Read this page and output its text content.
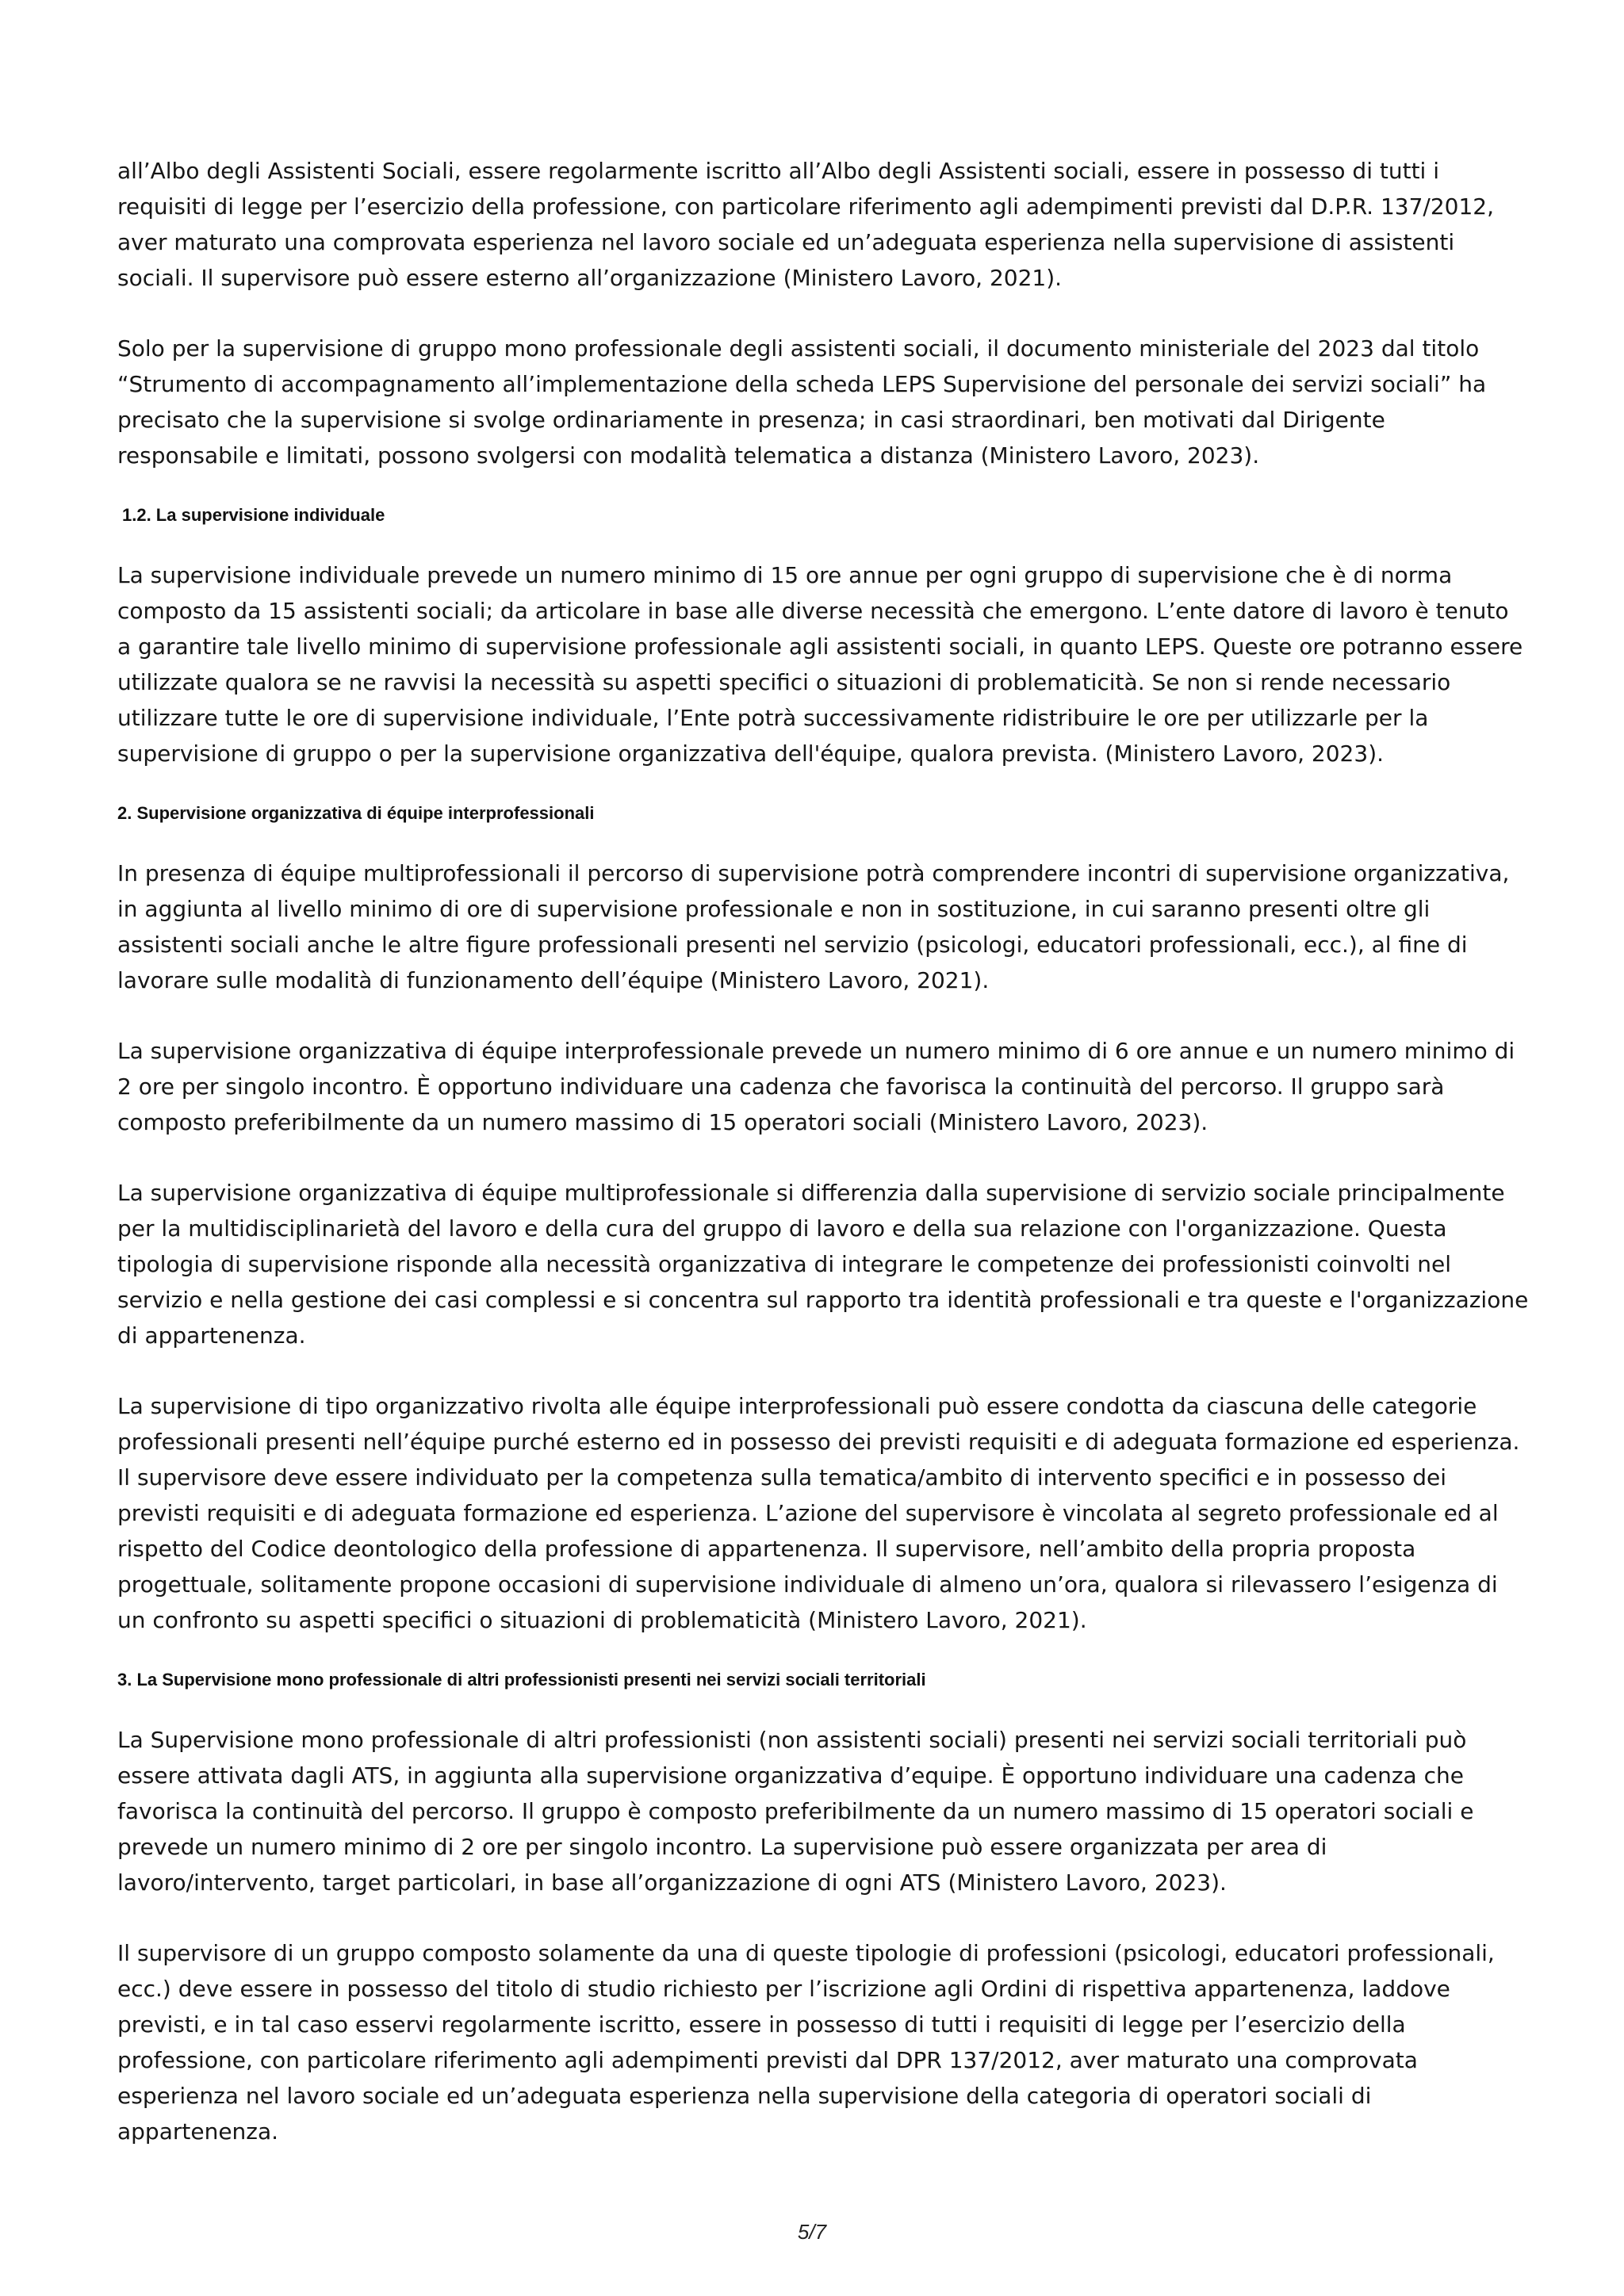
all’Albo degli Assistenti Sociali, essere regolarmente iscritto all’Albo degli Assistenti sociali, essere in possesso di tutti i requisiti di legge per l’esercizio della professione, con particolare riferimento agli adempimenti previsti dal D.P.R. 137/2012, aver maturato una comprovata esperienza nel lavoro sociale ed un’adeguata esperienza nella supervisione di assistenti sociali. Il supervisore può essere esterno all’organizzazione (Ministero Lavoro, 2021).

Solo per la supervisione di gruppo mono professionale degli assistenti sociali, il documento ministeriale del 2023 dal titolo “Strumento di accompagnamento all’implementazione della scheda LEPS Supervisione del personale dei servizi sociali” ha precisato che la supervisione si svolge ordinariamente in presenza; in casi straordinari, ben motivati dal Dirigente responsabile e limitati, possono svolgersi con modalità telematica a distanza (Ministero Lavoro, 2023).

1.2. La supervisione individuale

La supervisione individuale prevede un numero minimo di 15 ore annue per ogni gruppo di supervisione che è di norma composto da 15 assistenti sociali; da articolare in base alle diverse necessità che emergono. L’ente datore di lavoro è tenuto a garantire tale livello minimo di supervisione professionale agli assistenti sociali, in quanto LEPS. Queste ore potranno essere utilizzate qualora se ne ravvisi la necessità su aspetti specifici o situazioni di problematicità. Se non si rende necessario utilizzare tutte le ore di supervisione individuale, l’Ente potrà successivamente ridistribuire le ore per utilizzarle per la supervisione di gruppo o per la supervisione organizzativa dell'équipe, qualora prevista. (Ministero Lavoro, 2023).

2. Supervisione organizzativa di équipe interprofessionali

In presenza di équipe multiprofessionali il percorso di supervisione potrà comprendere incontri di supervisione organizzativa, in aggiunta al livello minimo di ore di supervisione professionale e non in sostituzione, in cui saranno presenti oltre gli assistenti sociali anche le altre figure professionali presenti nel servizio (psicologi, educatori professionali, ecc.), al fine di lavorare sulle modalità di funzionamento dell’équipe (Ministero Lavoro, 2021).

La supervisione organizzativa di équipe interprofessionale prevede un numero minimo di 6 ore annue e un numero minimo di 2 ore per singolo incontro. È opportuno individuare una cadenza che favorisca la continuità del percorso. Il gruppo sarà composto preferibilmente da un numero massimo di 15 operatori sociali (Ministero Lavoro, 2023).

La supervisione organizzativa di équipe multiprofessionale si differenzia dalla supervisione di servizio sociale principalmente per la multidisciplinarietà del lavoro e della cura del gruppo di lavoro e della sua relazione con l'organizzazione. Questa tipologia di supervisione risponde alla necessità organizzativa di integrare le competenze dei professionisti coinvolti nel servizio e nella gestione dei casi complessi e si concentra sul rapporto tra identità professionali e tra queste e l'organizzazione di appartenenza.

La supervisione di tipo organizzativo rivolta alle équipe interprofessionali può essere condotta da ciascuna delle categorie professionali presenti nell’équipe purché esterno ed in possesso dei previsti requisiti e di adeguata formazione ed esperienza. Il supervisore deve essere individuato per la competenza sulla tematica/ambito di intervento specifici e in possesso dei previsti requisiti e di adeguata formazione ed esperienza. L’azione del supervisore è vincolata al segreto professionale ed al rispetto del Codice deontologico della professione di appartenenza. Il supervisore, nell’ambito della propria proposta progettuale, solitamente propone occasioni di supervisione individuale di almeno un’ora, qualora si rilevassero l’esigenza di un confronto su aspetti specifici o situazioni di problematicità (Ministero Lavoro, 2021).

3. La Supervisione mono professionale di altri professionisti presenti nei servizi sociali territoriali

La Supervisione mono professionale di altri professionisti (non assistenti sociali) presenti nei servizi sociali territoriali può essere attivata dagli ATS, in aggiunta alla supervisione organizzativa d’equipe. È opportuno individuare una cadenza che favorisca la continuità del percorso. Il gruppo è composto preferibilmente da un numero massimo di 15 operatori sociali e prevede un numero minimo di 2 ore per singolo incontro. La supervisione può essere organizzata per area di lavoro/intervento, target particolari, in base all’organizzazione di ogni ATS (Ministero Lavoro, 2023).

Il supervisore di un gruppo composto solamente da una di queste tipologie di professioni (psicologi, educatori professionali, ecc.) deve essere in possesso del titolo di studio richiesto per l’iscrizione agli Ordini di rispettiva appartenenza, laddove previsti, e in tal caso esservi regolarmente iscritto, essere in possesso di tutti i requisiti di legge per l’esercizio della professione, con particolare riferimento agli adempimenti previsti dal DPR 137/2012, aver maturato una comprovata esperienza nel lavoro sociale ed un’adeguata esperienza nella supervisione della categoria di operatori sociali di appartenenza.

5/7
